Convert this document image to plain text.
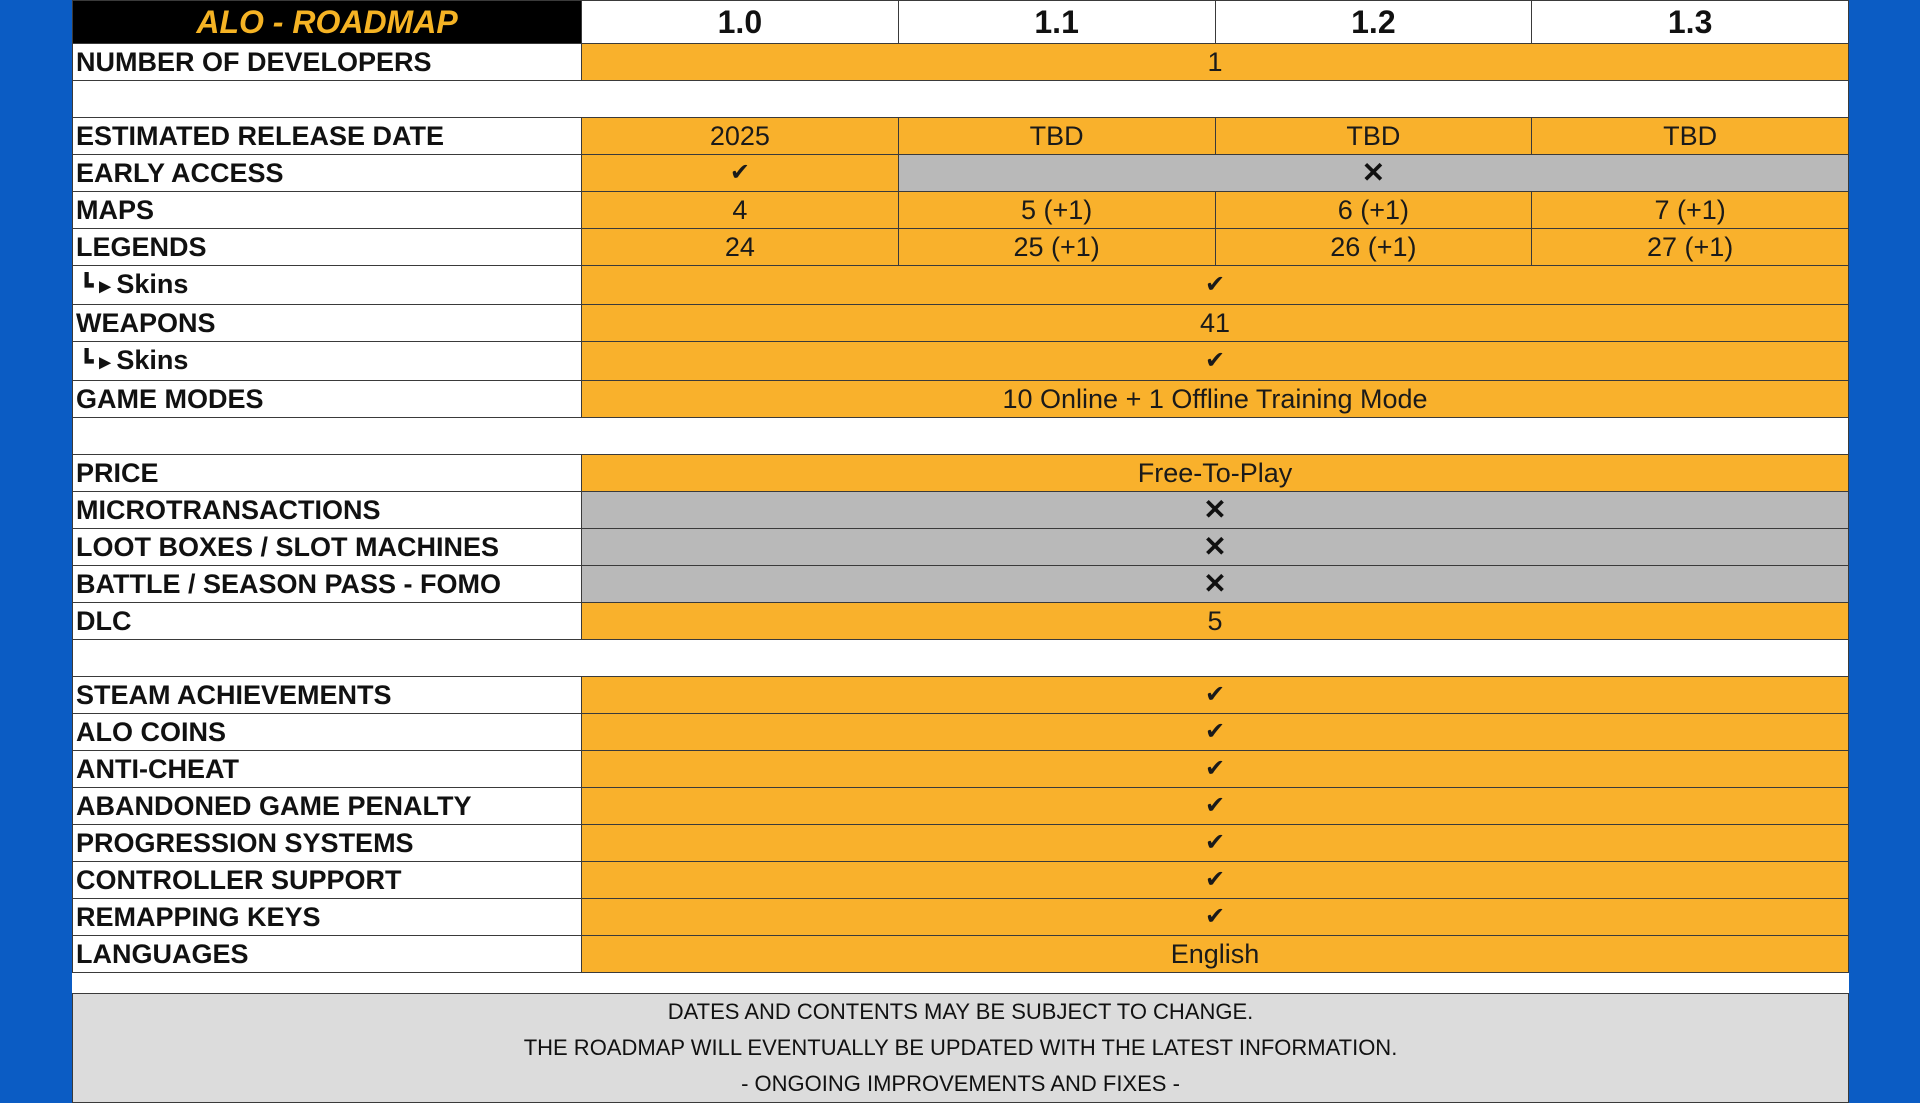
ALO - ROADMAP	1.0	1.1	1.2	1.3
NUMBER OF DEVELOPERS	1			

ESTIMATED RELEASE DATE	2025	TBD	TBD	TBD
EARLY ACCESS	✔	✕		
MAPS	4	5 (+1)	6 (+1)	7 (+1)
LEGENDS	24	25 (+1)	26 (+1)	27 (+1)
┗ ▸ Skins	✔			
WEAPONS	41			
┗ ▸ Skins	✔			
GAME MODES	10 Online + 1 Offline Training Mode			

PRICE	Free-To-Play			
MICROTRANSACTIONS	✕			
LOOT BOXES / SLOT MACHINES	✕			
BATTLE / SEASON PASS - FOMO	✕			
DLC	5			

STEAM ACHIEVEMENTS	✔			
ALO COINS	✔			
ANTI-CHEAT	✔			
ABANDONED GAME PENALTY	✔			
PROGRESSION SYSTEMS	✔			
CONTROLLER SUPPORT	✔			
REMAPPING KEYS	✔			
LANGUAGES	English			

DATES AND CONTENTS MAY BE SUBJECT TO CHANGE.
THE ROADMAP WILL EVENTUALLY BE UPDATED WITH THE LATEST INFORMATION.
- ONGOING IMPROVEMENTS AND FIXES -				
